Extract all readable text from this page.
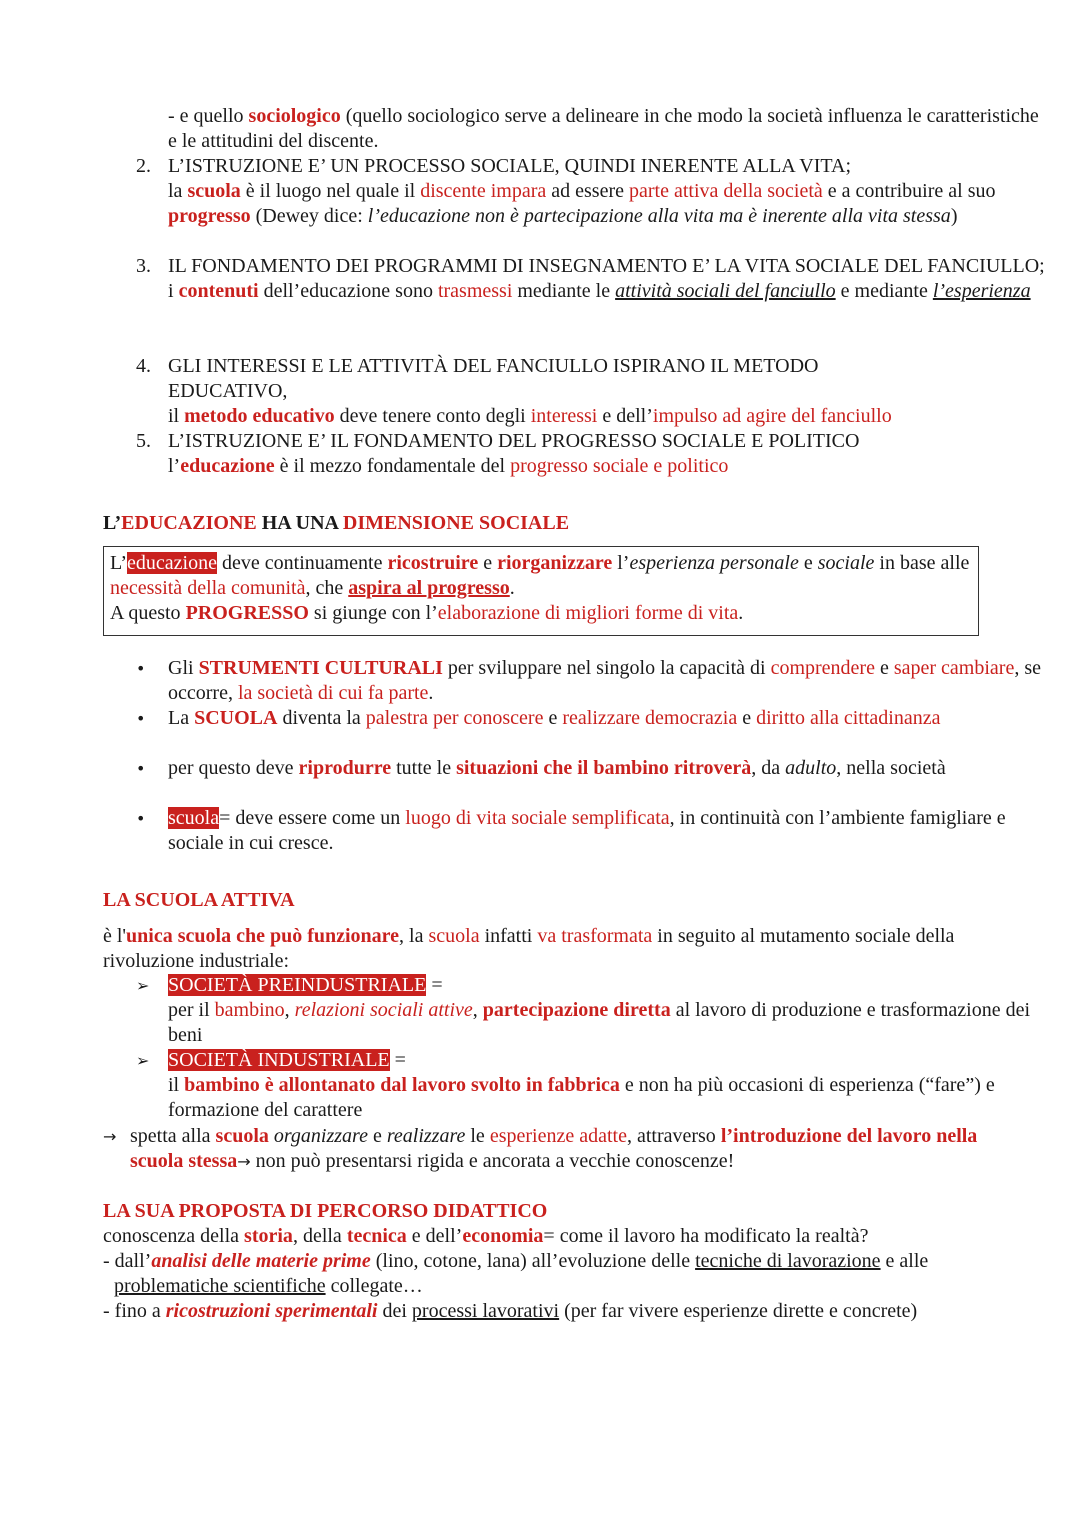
- e quello sociologico (quello sociologico serve a delineare in che modo la società influenza le caratteristiche e le attitudini del discente.
2. L’ISTRUZIONE E’ UN PROCESSO SOCIALE, QUINDI INERENTE ALLA VITA;
la scuola è il luogo nel quale il discente impara ad essere parte attiva della società e a contribuire al suo progresso (Dewey dice: l’educazione non è partecipazione alla vita ma è inerente alla vita stessa)
3. IL FONDAMENTO DEI PROGRAMMI DI INSEGNAMENTO E’ LA VITA SOCIALE DEL FANCIULLO;
i contenuti dell’educazione sono trasmessi mediante le attività sociali del fanciullo e mediante l’esperienza
4. GLI INTERESSI E LE ATTIVITÀ DEL FANCIULLO ISPIRANO IL METODO EDUCATIVO,
il metodo educativo deve tenere conto degli interessi e dell’impulso ad agire del fanciullo
5. L’ISTRUZIONE E’ IL FONDAMENTO DEL PROGRESSO SOCIALE E POLITICO
l’educazione è il mezzo fondamentale del progresso sociale e politico
L’EDUCAZIONE HA UNA DIMENSIONE SOCIALE
L’educazione deve continuamente ricostruire e riorganizzare l’esperienza personale e sociale in base alle necessità della comunità, che aspira al progresso.
A questo PROGRESSO si giunge con l’elaborazione di migliori forme di vita.
•	Gli STRUMENTI CULTURALI per sviluppare nel singolo la capacità di comprendere e saper cambiare, se occorre, la società di cui fa parte.
•	La SCUOLA diventa la palestra per conoscere e realizzare democrazia e diritto alla cittadinanza
•	per questo deve riprodurre tutte le situazioni che il bambino ritroverà, da adulto, nella società
•	scuola= deve essere come un luogo di vita sociale semplificata, in continuità con l’ambiente famigliare e sociale in cui cresce.
LA SCUOLA ATTIVA
è l'unica scuola che può funzionare, la scuola infatti va trasformata in seguito al mutamento sociale della rivoluzione industriale:
➢ SOCIETÀ PREINDUSTRIALE =
per il bambino, relazioni sociali attive, partecipazione diretta al lavoro di produzione e trasformazione dei beni
➢ SOCIETÀ INDUSTRIALE =
il bambino è allontanato dal lavoro svolto in fabbrica e non ha più occasioni di esperienza (“fare”) e formazione del carattere
→ spetta alla scuola organizzare e realizzare le esperienze adatte, attraverso l’introduzione del lavoro nella scuola stessa→ non può presentarsi rigida e ancorata a vecchie conoscenze!
LA SUA PROPOSTA DI PERCORSO DIDATTICO
conoscenza della storia, della tecnica e dell’economia= come il lavoro ha modificato la realtà?
- dall’analisi delle materie prime (lino, cotone, lana) all’evoluzione delle tecniche di lavorazione e alle problematiche scientifiche collegate…
- fino a ricostruzioni sperimentali dei processi lavorativi (per far vivere esperienze dirette e concrete)
